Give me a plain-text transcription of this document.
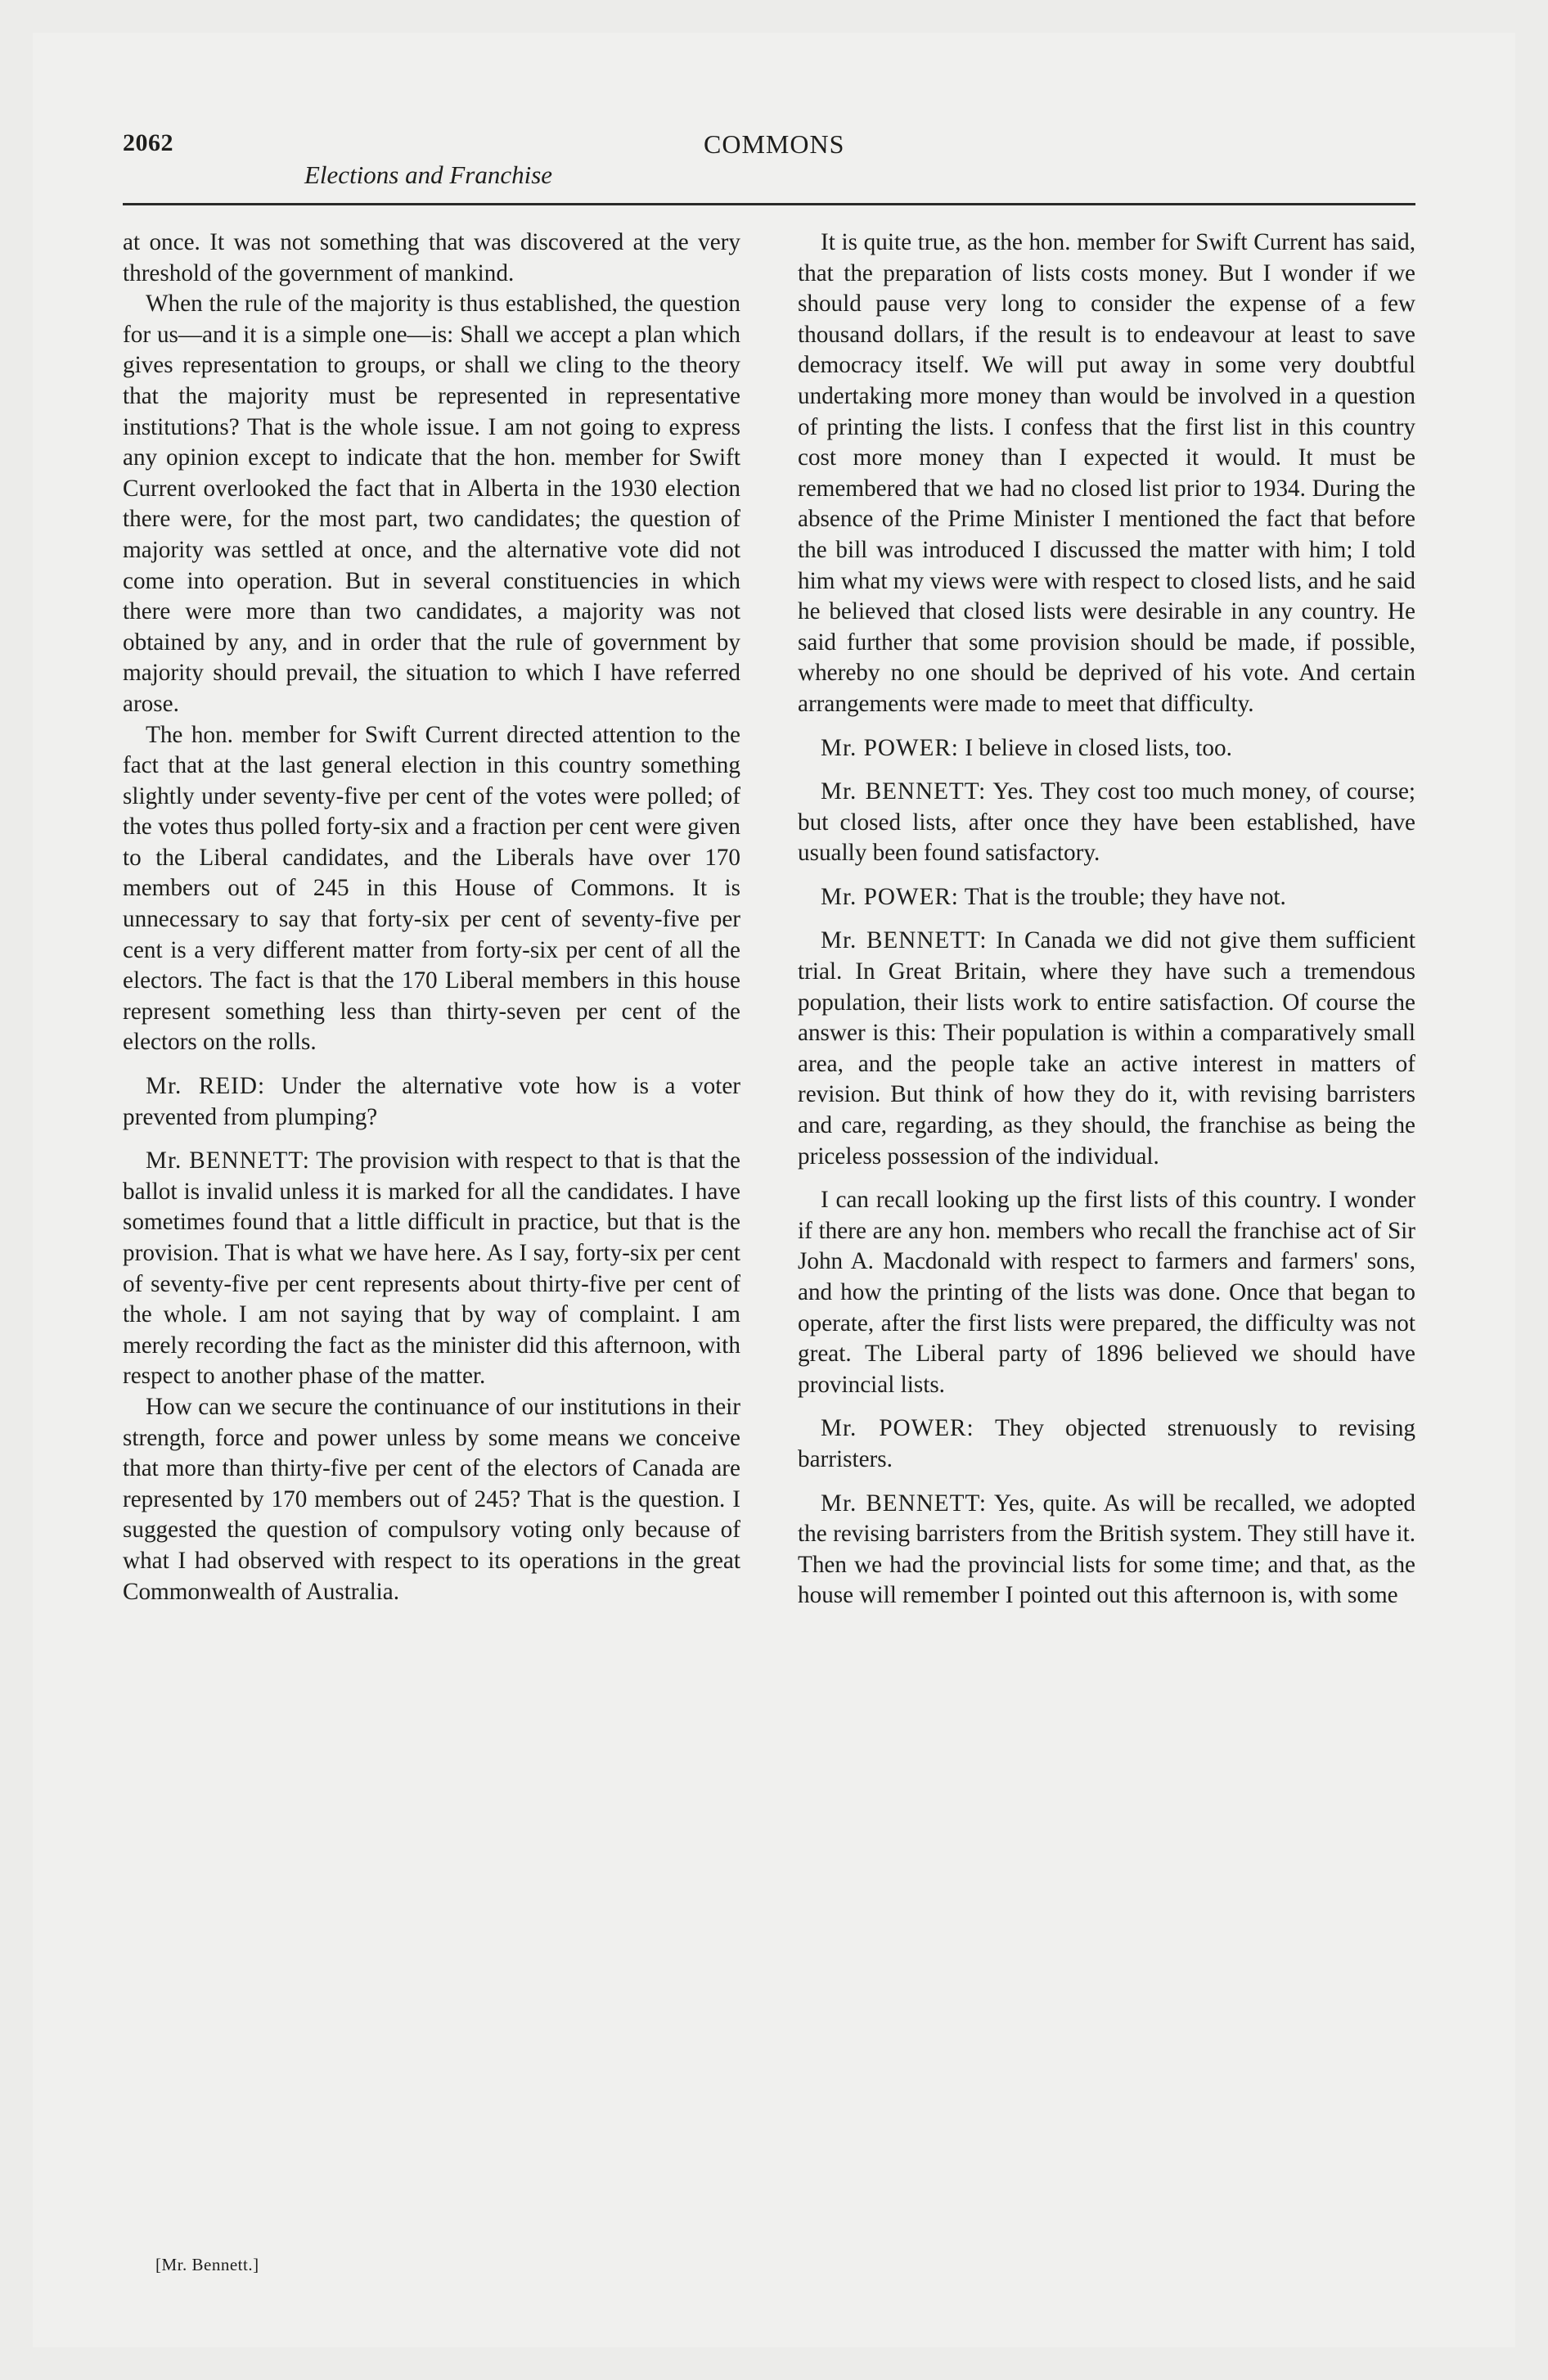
2062
Elections and Franchise
COMMONS

at once. It was not something that was discovered at the very threshold of the government of mankind.

When the rule of the majority is thus established, the question for us—and it is a simple one—is: Shall we accept a plan which gives representation to groups, or shall we cling to the theory that the majority must be represented in representative institutions? That is the whole issue. I am not going to express any opinion except to indicate that the hon. member for Swift Current overlooked the fact that in Alberta in the 1930 election there were, for the most part, two candidates; the question of majority was settled at once, and the alternative vote did not come into operation. But in several constituencies in which there were more than two candidates, a majority was not obtained by any, and in order that the rule of government by majority should prevail, the situation to which I have referred arose.

The hon. member for Swift Current directed attention to the fact that at the last general election in this country something slightly under seventy-five per cent of the votes were polled; of the votes thus polled forty-six and a fraction per cent were given to the Liberal candidates, and the Liberals have over 170 members out of 245 in this House of Commons. It is unnecessary to say that forty-six per cent of seventy-five per cent is a very different matter from forty-six per cent of all the electors. The fact is that the 170 Liberal members in this house represent something less than thirty-seven per cent of the electors on the rolls.

Mr. REID: Under the alternative vote how is a voter prevented from plumping?

Mr. BENNETT: The provision with respect to that is that the ballot is invalid unless it is marked for all the candidates. I have sometimes found that a little difficult in practice, but that is the provision. That is what we have here. As I say, forty-six per cent of seventy-five per cent represents about thirty-five per cent of the whole. I am not saying that by way of complaint. I am merely recording the fact as the minister did this afternoon, with respect to another phase of the matter.

How can we secure the continuance of our institutions in their strength, force and power unless by some means we conceive that more than thirty-five per cent of the electors of Canada are represented by 170 members out of 245? That is the question. I suggested the question of compulsory voting only because of what I had observed with respect to its operations in the great Commonwealth of Australia.

It is quite true, as the hon. member for Swift Current has said, that the preparation of lists costs money. But I wonder if we should pause very long to consider the expense of a few thousand dollars, if the result is to endeavour at least to save democracy itself. We will put away in some very doubtful undertaking more money than would be involved in a question of printing the lists. I confess that the first list in this country cost more money than I expected it would. It must be remembered that we had no closed list prior to 1934. During the absence of the Prime Minister I mentioned the fact that before the bill was introduced I discussed the matter with him; I told him what my views were with respect to closed lists, and he said he believed that closed lists were desirable in any country. He said further that some provision should be made, if possible, whereby no one should be deprived of his vote. And certain arrangements were made to meet that difficulty.

Mr. POWER: I believe in closed lists, too.

Mr. BENNETT: Yes. They cost too much money, of course; but closed lists, after once they have been established, have usually been found satisfactory.

Mr. POWER: That is the trouble; they have not.

Mr. BENNETT: In Canada we did not give them sufficient trial. In Great Britain, where they have such a tremendous population, their lists work to entire satisfaction. Of course the answer is this: Their population is within a comparatively small area, and the people take an active interest in matters of revision. But think of how they do it, with revising barristers and care, regarding, as they should, the franchise as being the priceless possession of the individual.

I can recall looking up the first lists of this country. I wonder if there are any hon. members who recall the franchise act of Sir John A. Macdonald with respect to farmers and farmers' sons, and how the printing of the lists was done. Once that began to operate, after the first lists were prepared, the difficulty was not great. The Liberal party of 1896 believed we should have provincial lists.

Mr. POWER: They objected strenuously to revising barristers.

Mr. BENNETT: Yes, quite. As will be recalled, we adopted the revising barristers from the British system. They still have it. Then we had the provincial lists for some time; and that, as the house will remember I pointed out this afternoon is, with some

[Mr. Bennett.]
